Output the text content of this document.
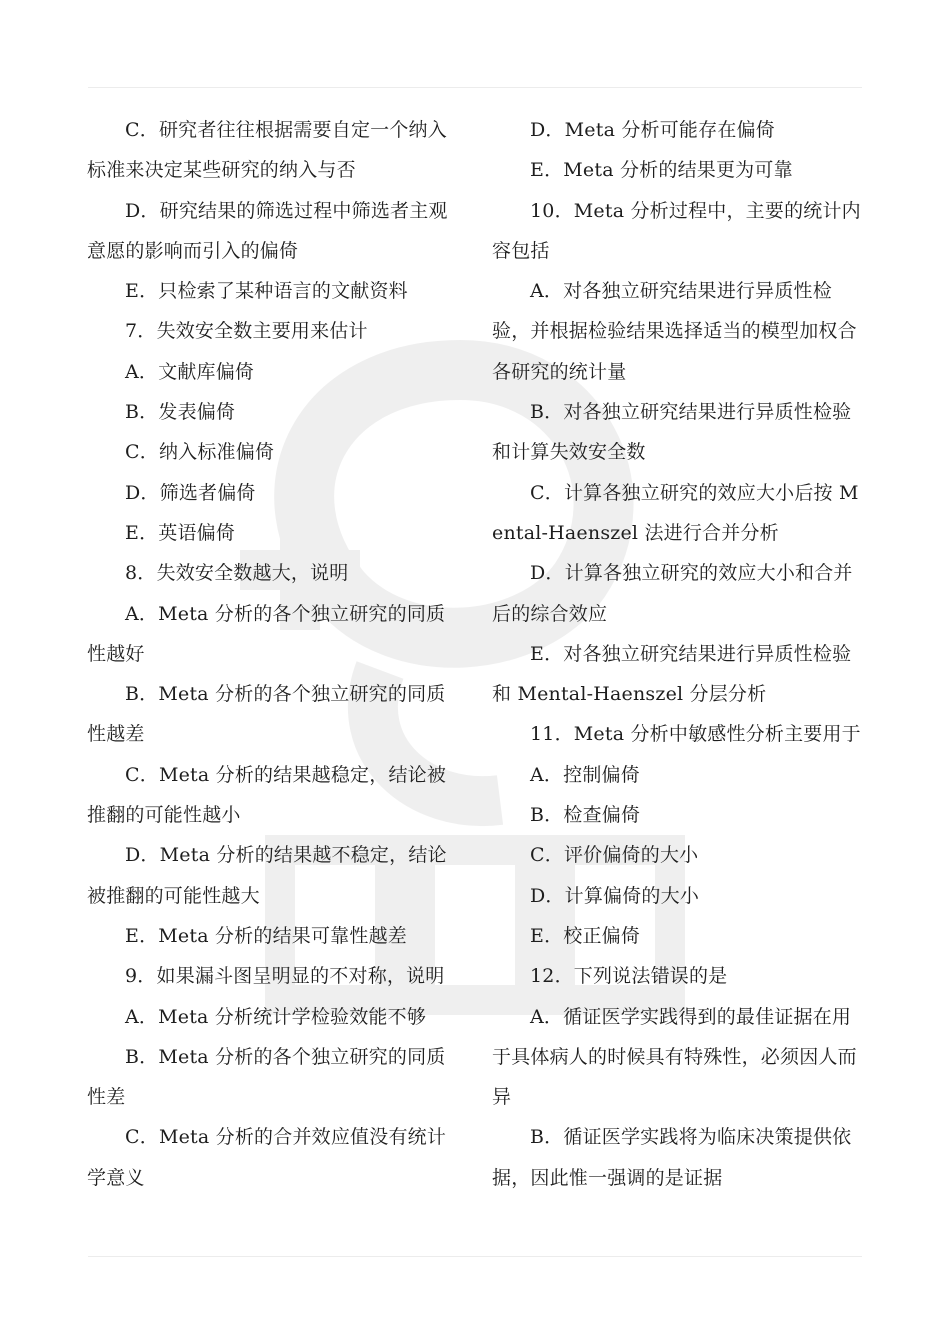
C．研究者往往根据需要自定一个纳入标准来决定某些研究的纳入与否

D．研究结果的筛选过程中筛选者主观意愿的影响而引入的偏倚

E．只检索了某种语言的文献资料

7．失效安全数主要用来估计

A．文献库偏倚

B．发表偏倚

C．纳入标准偏倚

D．筛选者偏倚

E．英语偏倚

8．失效安全数越大，说明

A．Meta 分析的各个独立研究的同质性越好

B．Meta 分析的各个独立研究的同质性越差

C．Meta 分析的结果越稳定，结论被推翻的可能性越小

D．Meta 分析的结果越不稳定，结论被推翻的可能性越大

E．Meta 分析的结果可靠性越差

9．如果漏斗图呈明显的不对称，说明

A．Meta 分析统计学检验效能不够

B．Meta 分析的各个独立研究的同质性差

C．Meta 分析的合并效应值没有统计学意义

D．Meta 分析可能存在偏倚

E．Meta 分析的结果更为可靠

10．Meta 分析过程中，主要的统计内容包括

A．对各独立研究结果进行异质性检验，并根据检验结果选择适当的模型加权合各研究的统计量

B．对各独立研究结果进行异质性检验和计算失效安全数

C．计算各独立研究的效应大小后按 Mental-Haenszel 法进行合并分析

D．计算各独立研究的效应大小和合并后的综合效应

E．对各独立研究结果进行异质性检验和 Mental-Haenszel 分层分析

11．Meta 分析中敏感性分析主要用于

A．控制偏倚

B．检查偏倚

C．评价偏倚的大小

D．计算偏倚的大小

E．校正偏倚

12．下列说法错误的是

A．循证医学实践得到的最佳证据在用于具体病人的时候具有特殊性，必须因人而异

B．循证医学实践将为临床决策提供依据，因此惟一强调的是证据
